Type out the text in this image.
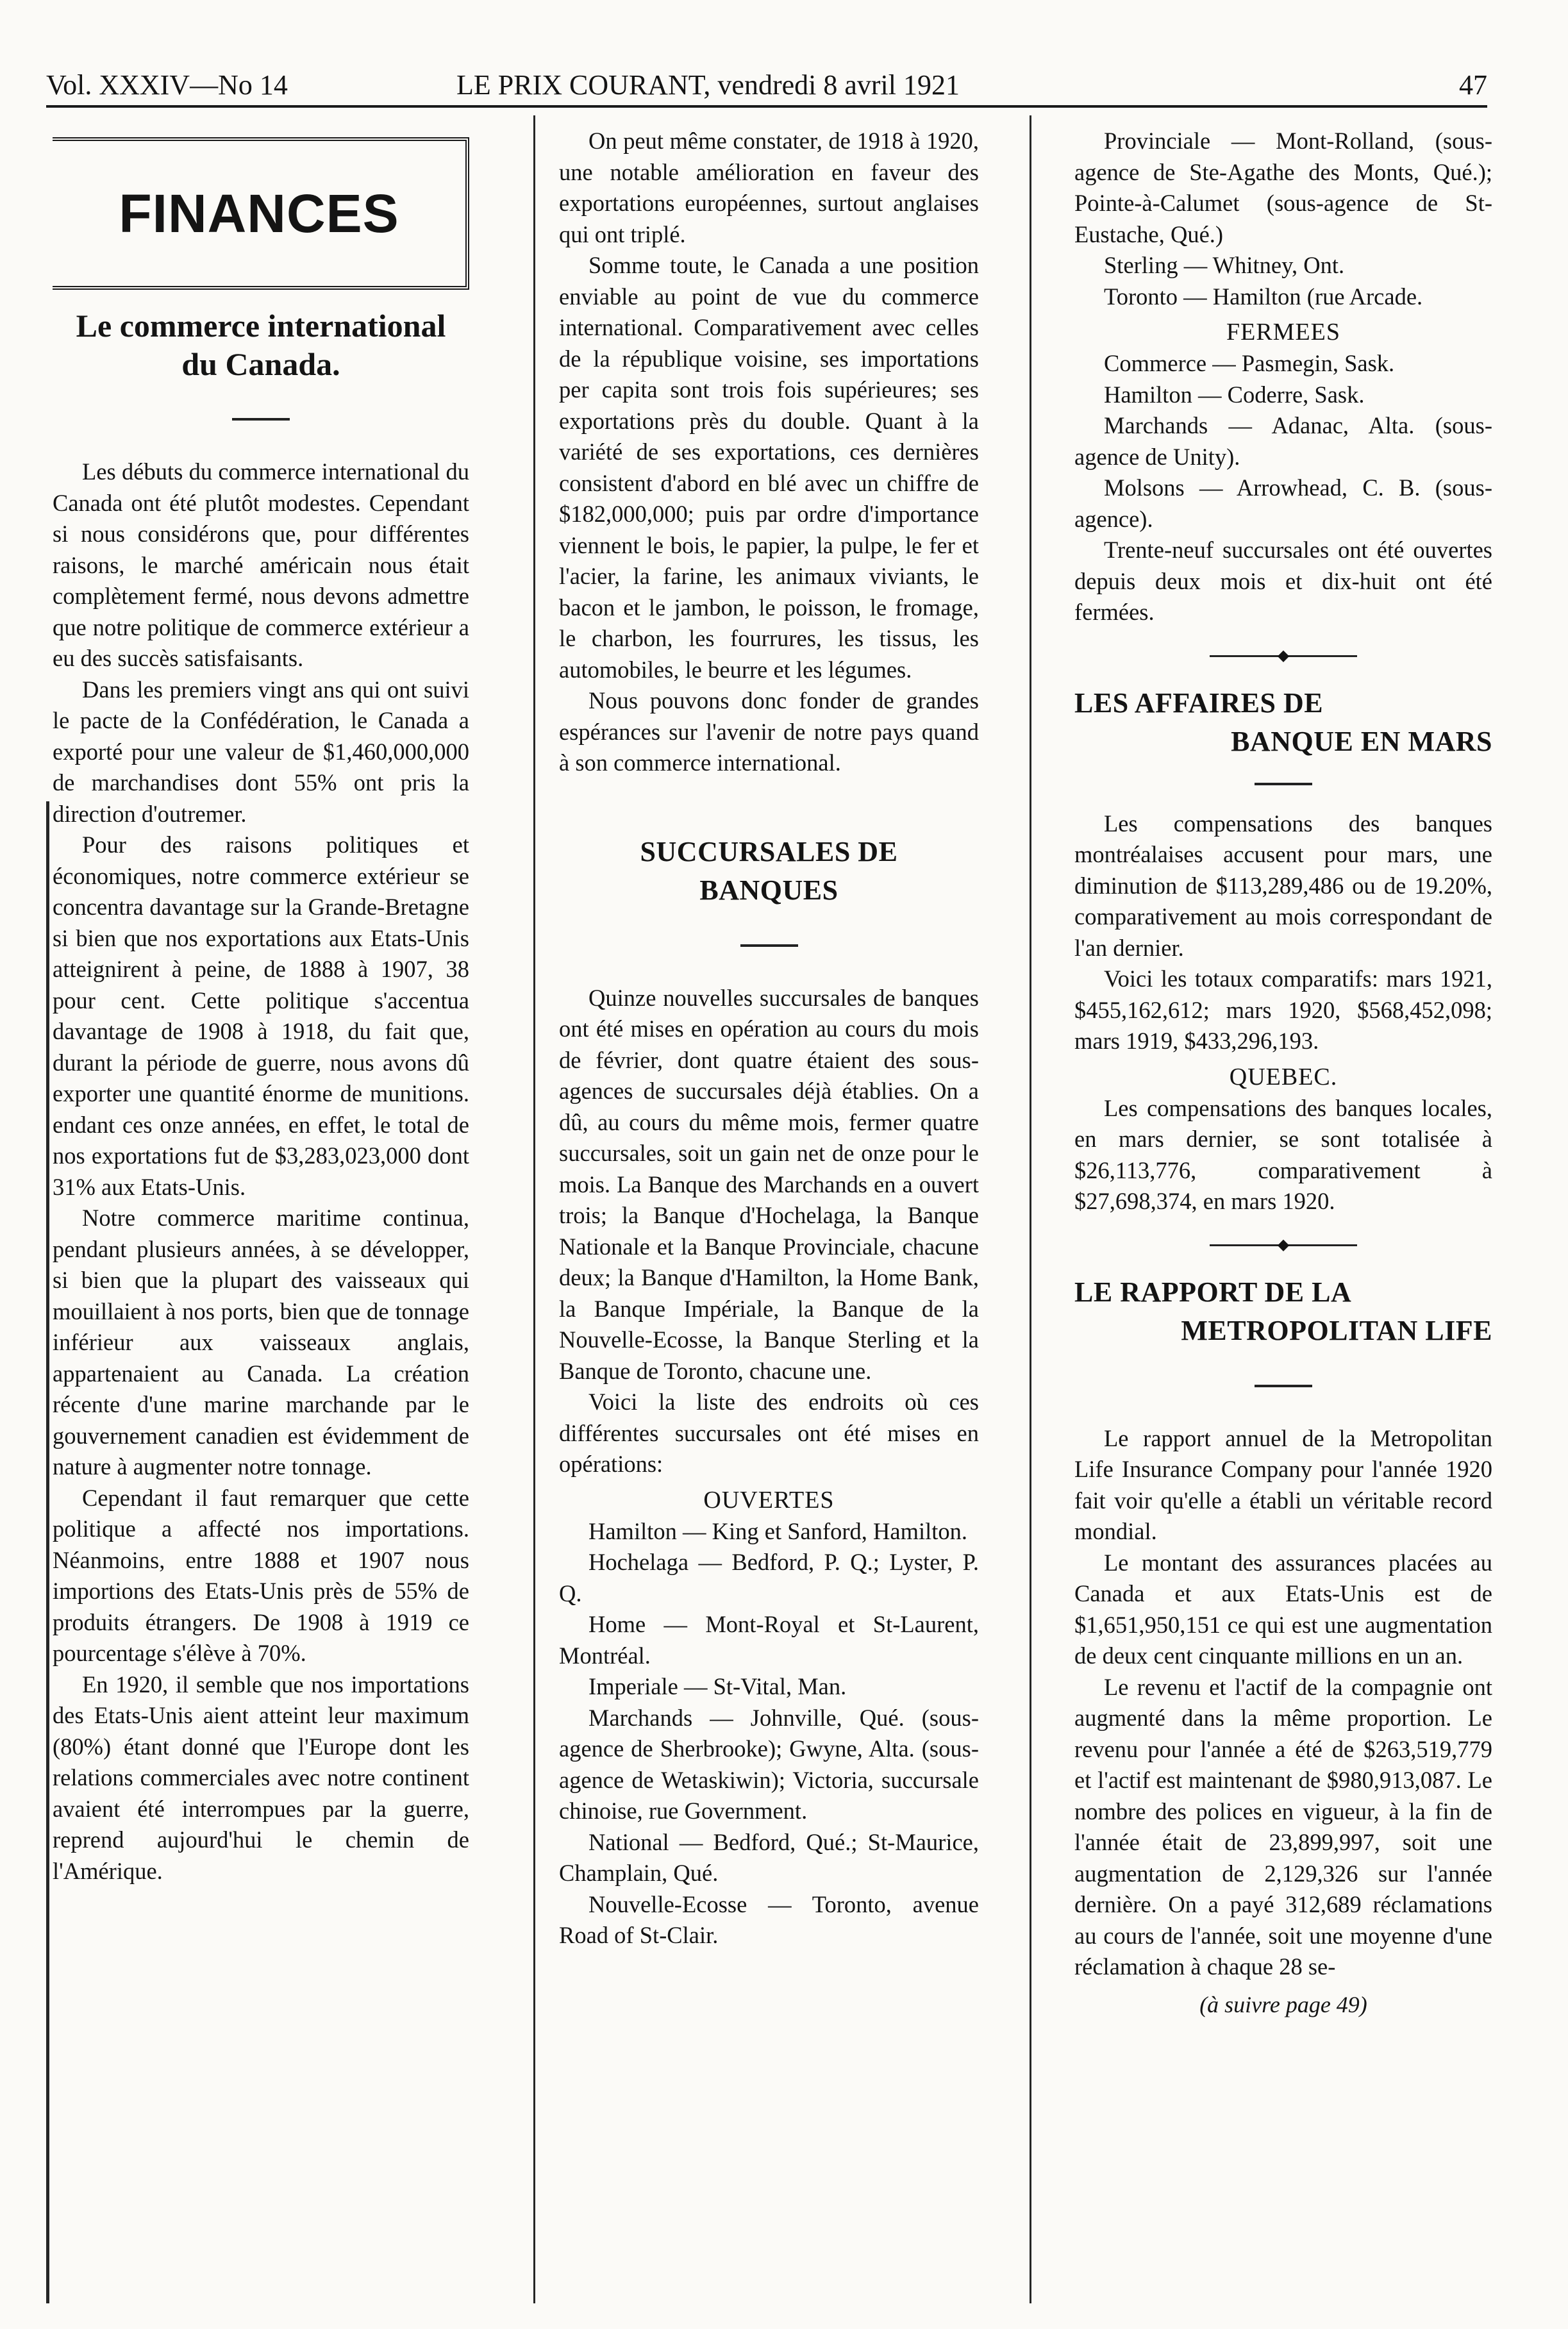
Vol. XXXIV—No 14	LE PRIX COURANT, vendredi 8 avril 1921	47
FINANCES
Le commerce international
du Canada.

Les débuts du commerce international du Canada ont été plutôt modestes. Cependant si nous considérons que, pour différentes raisons, le marché américain nous était complètement fermé, nous devons admettre que notre politique de commerce extérieur a eu des succès satisfaisants.

Dans les premiers vingt ans qui ont suivi le pacte de la Confédération, le Canada a exporté pour une valeur de $1,460,000,000 de marchandises dont 55% ont pris la direction d'outremer.

Pour des raisons politiques et économiques, notre commerce extérieur se concentra davantage sur la Grande-Bretagne si bien que nos exportations aux Etats-Unis atteignirent à peine, de 1888 à 1907, 38 pour cent. Cette politique s'accentua davantage de 1908 à 1918, du fait que, durant la période de guerre, nous avons dû exporter une quantité énorme de munitions. endant ces onze années, en effet, le total de nos exportations fut de $3,283,023,000 dont 31% aux Etats-Unis.

Notre commerce maritime continua, pendant plusieurs années, à se développer, si bien que la plupart des vaisseaux qui mouillaient à nos ports, bien que de tonnage inférieur aux vaisseaux anglais, appartenaient au Canada. La création récente d'une marine marchande par le gouvernement canadien est évidemment de nature à augmenter notre tonnage.

Cependant il faut remarquer que cette politique a affecté nos importations. Néanmoins, entre 1888 et 1907 nous importions des Etats-Unis près de 55% de produits étrangers. De 1908 à 1919 ce pourcentage s'élève à 70%.

En 1920, il semble que nos importations des Etats-Unis aient atteint leur maximum (80%) étant donné que l'Europe dont les relations commerciales avec notre continent avaient été interrompues par la guerre, reprend aujourd'hui le chemin de l'Amérique.

On peut même constater, de 1918 à 1920, une notable amélioration en faveur des exportations européennes, surtout anglaises qui ont triplé.

Somme toute, le Canada a une position enviable au point de vue du commerce international. Comparativement avec celles de la république voisine, ses importations per capita sont trois fois supérieures; ses exportations près du double. Quant à la variété de ses exportations, ces dernières consistent d'abord en blé avec un chiffre de $182,000,000; puis par ordre d'importance viennent le bois, le papier, la pulpe, le fer et l'acier, la farine, les animaux viviants, le bacon et le jambon, le poisson, le fromage, le charbon, les fourrures, les tissus, les automobiles, le beurre et les légumes.

Nous pouvons donc fonder de grandes espérances sur l'avenir de notre pays quand à son commerce international.

SUCCURSALES DE
BANQUES

Quinze nouvelles succursales de banques ont été mises en opération au cours du mois de février, dont quatre étaient des sous-agences de succursales déjà établies. On a dû, au cours du même mois, fermer quatre succursales, soit un gain net de onze pour le mois. La Banque des Marchands en a ouvert trois; la Banque d'Hochelaga, la Banque Nationale et la Banque Provinciale, chacune deux; la Banque d'Hamilton, la Home Bank, la Banque Impériale, la Banque de la Nouvelle-Ecosse, la Banque Sterling et la Banque de Toronto, chacune une.

Voici la liste des endroits où ces différentes succursales ont été mises en opérations:

OUVERTES

Hamilton — King et Sanford, Hamilton.

Hochelaga — Bedford, P. Q.; Lyster, P. Q.

Home — Mont-Royal et St-Laurent, Montréal.

Imperiale — St-Vital, Man.

Marchands — Johnville, Qué. (sous-agence de Sherbrooke); Gwyne, Alta. (sous-agence de Wetaskiwin); Victoria, succursale chinoise, rue Government.

National — Bedford, Qué.; St-Maurice, Champlain, Qué.

Nouvelle-Ecosse — Toronto, avenue Road of St-Clair.

Provinciale — Mont-Rolland, (sous-agence de Ste-Agathe des Monts, Qué.); Pointe-à-Calumet (sous-agence de St-Eustache, Qué.)

Sterling — Whitney, Ont.

Toronto — Hamilton (rue Arcade.

FERMEES

Commerce — Pasmegin, Sask.

Hamilton — Coderre, Sask.

Marchands — Adanac, Alta. (sous-agence de Unity).

Molsons — Arrowhead, C. B. (sous-agence).

Trente-neuf succursales ont été ouvertes depuis deux mois et dix-huit ont été fermées.

◆
LES AFFAIRES DE
BANQUE EN MARS

Les compensations des banques montréalaises accusent pour mars, une diminution de $113,289,486 ou de 19.20%, comparativement au mois correspondant de l'an dernier.

Voici les totaux comparatifs: mars 1921, $455,162,612; mars 1920, $568,452,098; mars 1919, $433,296,193.

QUEBEC.

Les compensations des banques locales, en mars dernier, se sont totalisée à $26,113,776, comparativement à $27,698,374, en mars 1920.

◆
LE RAPPORT DE LA
METROPOLITAN LIFE

Le rapport annuel de la Metropolitan Life Insurance Company pour l'année 1920 fait voir qu'elle a établi un véritable record mondial.

Le montant des assurances placées au Canada et aux Etats-Unis est de $1,651,950,151 ce qui est une augmentation de deux cent cinquante millions en un an.

Le revenu et l'actif de la compagnie ont augmenté dans la même proportion. Le revenu pour l'année a été de $263,519,779 et l'actif est maintenant de $980,913,087. Le nombre des polices en vigueur, à la fin de l'année était de 23,899,997, soit une augmentation de 2,129,326 sur l'année dernière. On a payé 312,689 réclamations au cours de l'année, soit une moyenne d'une réclamation à chaque 28 se-

(à suivre page 49)
